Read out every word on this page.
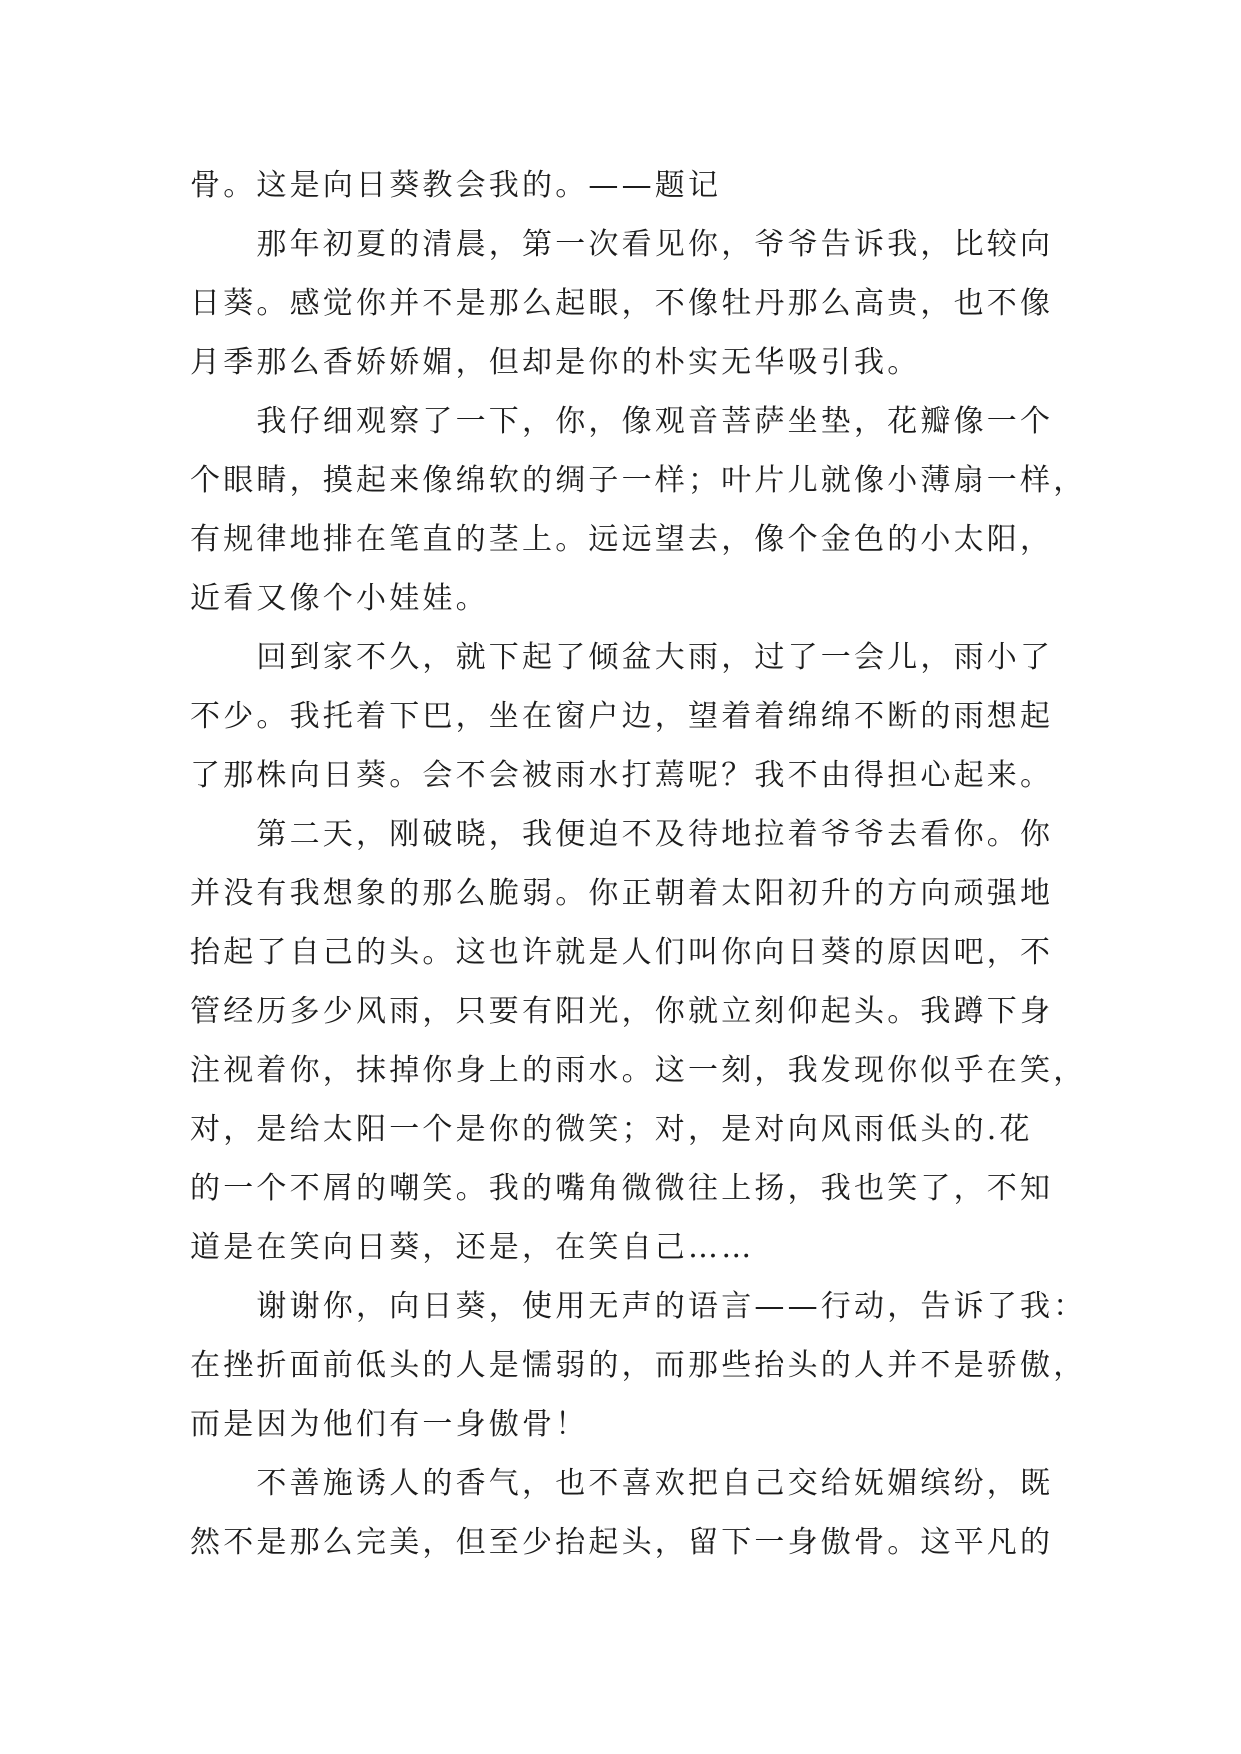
骨。这是向日葵教会我的。——题记
　　那年初夏的清晨，第一次看见你，爷爷告诉我，比较向
日葵。感觉你并不是那么起眼，不像牡丹那么高贵，也不像
月季那么香娇娇媚，但却是你的朴实无华吸引我。
　　我仔细观察了一下，你，像观音菩萨坐垫，花瓣像一个
个眼睛，摸起来像绵软的绸子一样；叶片儿就像小薄扇一样，
有规律地排在笔直的茎上。远远望去，像个金色的小太阳，
近看又像个小娃娃。
　　回到家不久，就下起了倾盆大雨，过了一会儿，雨小了
不少。我托着下巴，坐在窗户边，望着着绵绵不断的雨想起
了那株向日葵。会不会被雨水打蔫呢？我不由得担心起来。
　　第二天，刚破晓，我便迫不及待地拉着爷爷去看你。你
并没有我想象的那么脆弱。你正朝着太阳初升的方向顽强地
抬起了自己的头。这也许就是人们叫你向日葵的原因吧，不
管经历多少风雨，只要有阳光，你就立刻仰起头。我蹲下身
注视着你，抹掉你身上的雨水。这一刻，我发现你似乎在笑，
对，是给太阳一个是你的微笑；对，是对向风雨低头的.花
的一个不屑的嘲笑。我的嘴角微微往上扬，我也笑了，不知
道是在笑向日葵，还是，在笑自己……
　　谢谢你，向日葵，使用无声的语言——行动，告诉了我：
在挫折面前低头的人是懦弱的，而那些抬头的人并不是骄傲，
而是因为他们有一身傲骨！
　　不善施诱人的香气，也不喜欢把自己交给妩媚缤纷，既
然不是那么完美，但至少抬起头，留下一身傲骨。这平凡的
